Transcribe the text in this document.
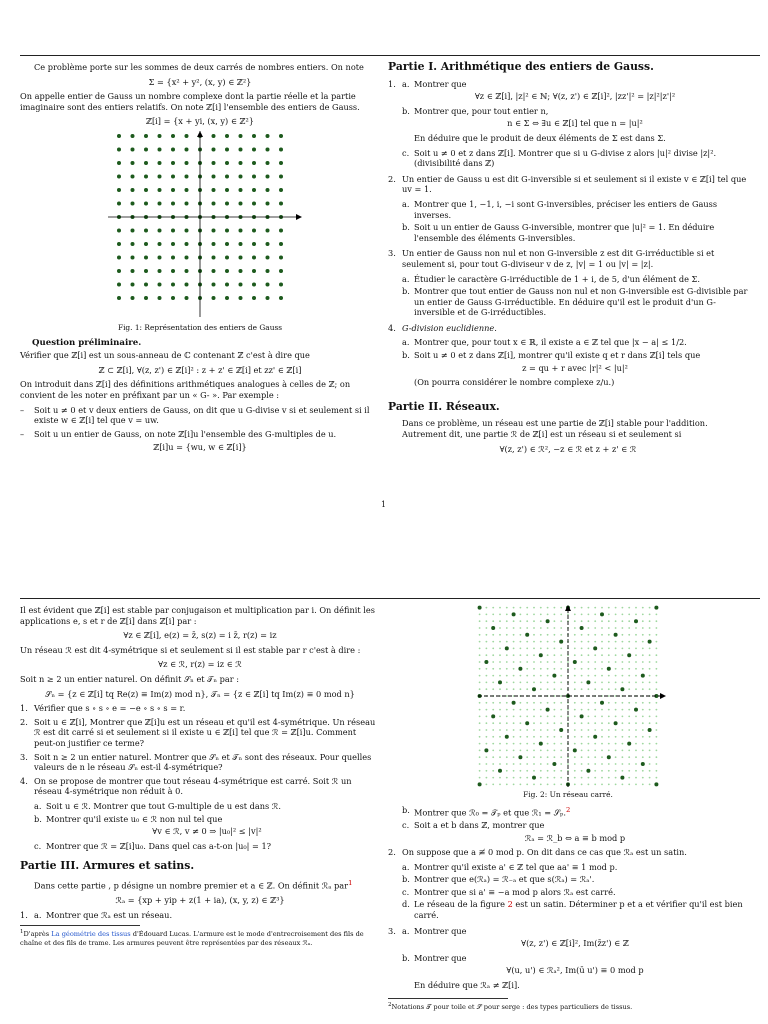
Ce problème porte sur les sommes de deux carrés de nombres entiers. On note

Σ = {x² + y², (x, y) ∈ ℤ²}

On appelle entier de Gauss un nombre complexe dont la partie réelle et la partie imaginaire sont des entiers relatifs. On note ℤ[i] l'ensemble des entiers de Gauss.

ℤ[i] = {x + yi, (x, y) ∈ ℤ²}

Fig. 1: Représentation des entiers de Gauss

Question préliminaire.

Vérifier que ℤ[i] est un sous-anneau de ℂ contenant ℤ c'est à dire que

ℤ ⊂ ℤ[i], ∀(z, z') ∈ ℤ[i]² : z + z' ∈ ℤ[i] et zz' ∈ ℤ[i]

On introduit dans ℤ[i] des définitions arithmétiques analogues à celles de ℤ; on convient de les noter en préfixant par un « G- ». Par exemple :

–	Soit u ≠ 0 et v deux entiers de Gauss, on dit que u G-divise v si et seulement si il existe w ∈ ℤ[i] tel que v = uw.
–	Soit u un entier de Gauss, on note ℤ[i]u l'ensemble des G-multiples de u.

ℤ[i]u = {wu, w ∈ ℤ[i]}

Partie I. Arithmétique des entiers de Gauss.
1. a. Montrer que

∀z ∈ ℤ[i], |z|² ∈ ℕ; ∀(z, z') ∈ ℤ[i]², |zz'|² = |z|²|z'|²

b. Montrer que, pour tout entier n,

n ∈ Σ ⇔ ∃u ∈ ℤ[i] tel que n = |u|²

En déduire que le produit de deux éléments de Σ est dans Σ.

c. Soit u ≠ 0 et z dans ℤ[i]. Montrer que si u G-divise z alors |u|² divise |z|². (divisibilité dans ℤ)
2. Un entier de Gauss u est dit G-inversible si et seulement si il existe v ∈ ℤ[i] tel que uv = 1.

a. Montrer que 1, −1, i, −i sont G-inversibles, préciser les entiers de Gauss inverses.
b. Soit u un entier de Gauss G-inversible, montrer que |u|² = 1. En déduire l'ensemble des éléments G-inversibles.
3. Un entier de Gauss non nul et non G-inversible z est dit G-irréductible si et seulement si, pour tout G-diviseur v de z, |v| = 1 ou |v| = |z|.

a. Étudier le caractère G-irréductible de 1 + i, de 5, d'un élément de Σ.
b. Montrer que tout entier de Gauss non nul et non G-inversible est G-divisible par un entier de Gauss G-irréductible. En déduire qu'il est le produit d'un G-inversible et de G-irréductibles.
4. G-division euclidienne.

a. Montrer que, pour tout x ∈ ℝ, il existe a ∈ ℤ tel que |x − a| ≤ 1/2.
b. Soit u ≠ 0 et z dans ℤ[i], montrer qu'il existe q et r dans ℤ[i] tels que

z = qu + r avec |r|² < |u|²

(On pourra considérer le nombre complexe z/u.)

Partie II. Réseaux.

Dans ce problème, un réseau est une partie de ℤ[i] stable pour l'addition. Autrement dit, une partie ℛ de ℤ[i] est un réseau si et seulement si

∀(z, z') ∈ ℛ², −z ∈ ℛ et z + z' ∈ ℛ

1

Il est évident que ℤ[i] est stable par conjugaison et multiplication par i. On définit les applications e, s et r de ℤ[i] dans ℤ[i] par :

∀z ∈ ℤ[i], e(z) = z̄, s(z) = i z̄, r(z) = iz

Un réseau ℛ est dit 4-symétrique si et seulement si il est stable par r c'est à dire :

∀z ∈ ℛ, r(z) = iz ∈ ℛ

Soit n ≥ 2 un entier naturel. On définit 𝒮ₙ et 𝒯ₙ par :

𝒮ₙ = {z ∈ ℤ[i] tq Re(z) ≡ Im(z) mod n}, 𝒯ₙ = {z ∈ ℤ[i] tq Im(z) ≡ 0 mod n}

1. Vérifier que s ∘ s ∘ e = −e ∘ s ∘ s = r.
2. Soit u ∈ ℤ[i], Montrer que ℤ[i]u est un réseau et qu'il est 4-symétrique. Un réseau ℛ est dit carré si et seulement si il existe u ∈ ℤ[i] tel que ℛ = ℤ[i]u. Comment peut-on justifier ce terme?
3. Soit n ≥ 2 un entier naturel. Montrer que 𝒮ₙ et 𝒯ₙ sont des réseaux. Pour quelles valeurs de n le réseau 𝒮ₙ est-il 4-symétrique?
4. On se propose de montrer que tout réseau 4-symétrique est carré. Soit ℛ un réseau 4-symétrique non réduit à 0.

a. Soit u ∈ ℛ. Montrer que tout G-multiple de u est dans ℛ.
b. Montrer qu'il existe u₀ ∈ ℛ non nul tel que

∀v ∈ ℛ, v ≠ 0 ⇒ |u₀|² ≤ |v|²

c. Montrer que ℛ = ℤ[i]u₀. Dans quel cas a-t-on |u₀| = 1?
Partie III. Armures et satins.

Dans cette partie , p désigne un nombre premier et a ∈ ℤ. On définit ℛₐ par$^1$

ℛₐ = {xp + yip + z(1 + ia), (x, y, z) ∈ ℤ³}

1. a. Montrer que ℛₐ est un réseau.
$^1$D'après La géométrie des tissus d'Édouard Lucas. L'armure est le mode d'entrecroisement des fils de chaîne et des fils de trame. Les armures peuvent être représentées par des réseaux ℛₐ.

Fig. 2: Un réseau carré.

b. Montrer que ℛ₀ = 𝒯ₚ et que ℛ₁ = 𝒮ₚ.$^2$
c. Soit a et b dans ℤ, montrer que

ℛₐ = ℛ_b ⇔ a ≡ b mod p

2. On suppose que a ≢ 0 mod p. On dit dans ce cas que ℛₐ est un satin.

a. Montrer qu'il existe a' ∈ ℤ tel que aa' ≡ 1 mod p.
b. Montrer que e(ℛₐ) = ℛ₋ₐ et que s(ℛₐ) = ℛₐ'.
c. Montrer que si a' ≡ −a mod p alors ℛₐ est carré.
d. Le réseau de la figure 2 est un satin. Déterminer p et a et vérifier qu'il est bien carré.
3. a. Montrer que

∀(z, z') ∈ ℤ[i]², Im(z̄z') ∈ ℤ

b. Montrer que

∀(u, u') ∈ ℛₐ², Im(ū u') ≡ 0 mod p

En déduire que ℛₐ ≠ ℤ[i].

$^2$Notations 𝒯 pour toile et 𝒮 pour serge : des types particuliers de tissus.
